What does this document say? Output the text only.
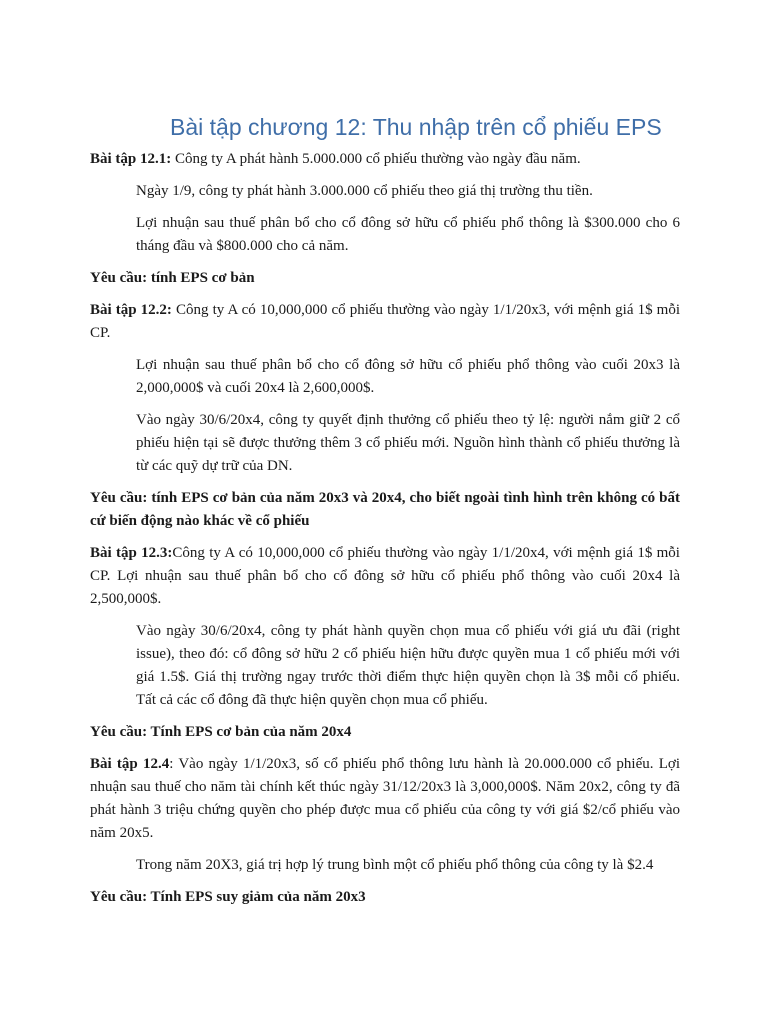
Bài tập chương 12: Thu nhập trên cổ phiếu EPS

Bài tập 12.1: Công ty A phát hành 5.000.000 cổ phiếu thường vào ngày đầu năm.

Ngày 1/9, công ty phát hành 3.000.000 cổ phiếu theo giá thị trường thu tiền.

Lợi nhuận sau thuế phân bổ cho cổ đông sở hữu cổ phiếu phổ thông là $300.000 cho 6 tháng đầu và $800.000 cho cả năm.

Yêu cầu: tính EPS cơ bản

Bài tập 12.2: Công ty A có 10,000,000 cổ phiếu thường vào ngày 1/1/20x3, với mệnh giá 1$ mỗi CP.

Lợi nhuận sau thuế phân bổ cho cổ đông sở hữu cổ phiếu phổ thông vào cuối 20x3 là 2,000,000$ và cuối 20x4 là 2,600,000$.

Vào ngày 30/6/20x4, công ty quyết định thưởng cổ phiếu theo tỷ lệ: người nắm giữ 2 cổ phiếu hiện tại sẽ được thưởng thêm 3 cổ phiếu mới. Nguồn hình thành cổ phiếu thưởng là từ các quỹ dự trữ của DN.

Yêu cầu: tính EPS cơ bản của năm 20x3 và 20x4, cho biết ngoài tình hình trên không có bất cứ biến động nào khác về cổ phiếu

Bài tập 12.3:Công ty A có 10,000,000 cổ phiếu thường vào ngày 1/1/20x4, với mệnh giá 1$ mỗi CP. Lợi nhuận sau thuế phân bổ cho cổ đông sở hữu cổ phiếu phổ thông vào cuối 20x4 là 2,500,000$.

Vào ngày 30/6/20x4, công ty phát hành quyền chọn mua cổ phiếu với giá ưu đãi (right issue), theo đó: cổ đông sở hữu 2 cổ phiếu hiện hữu được quyền mua 1 cổ phiếu mới với giá 1.5$. Giá thị trường ngay trước thời điểm thực hiện quyền chọn là 3$ mỗi cổ phiếu. Tất cả các cổ đông đã thực hiện quyền chọn mua cổ phiếu.

Yêu cầu: Tính EPS cơ bản của năm 20x4

Bài tập 12.4: Vào ngày 1/1/20x3, số cổ phiếu phổ thông lưu hành là 20.000.000 cổ phiếu. Lợi nhuận sau thuế cho năm tài chính kết thúc ngày 31/12/20x3 là 3,000,000$. Năm 20x2, công ty đã phát hành 3 triệu chứng quyền cho phép được mua cổ phiếu của công ty với giá $2/cổ phiếu vào năm 20x5.

Trong năm 20X3, giá trị hợp lý trung bình một cổ phiếu phổ thông của công ty là $2.4

Yêu cầu: Tính EPS suy giảm của năm 20x3
